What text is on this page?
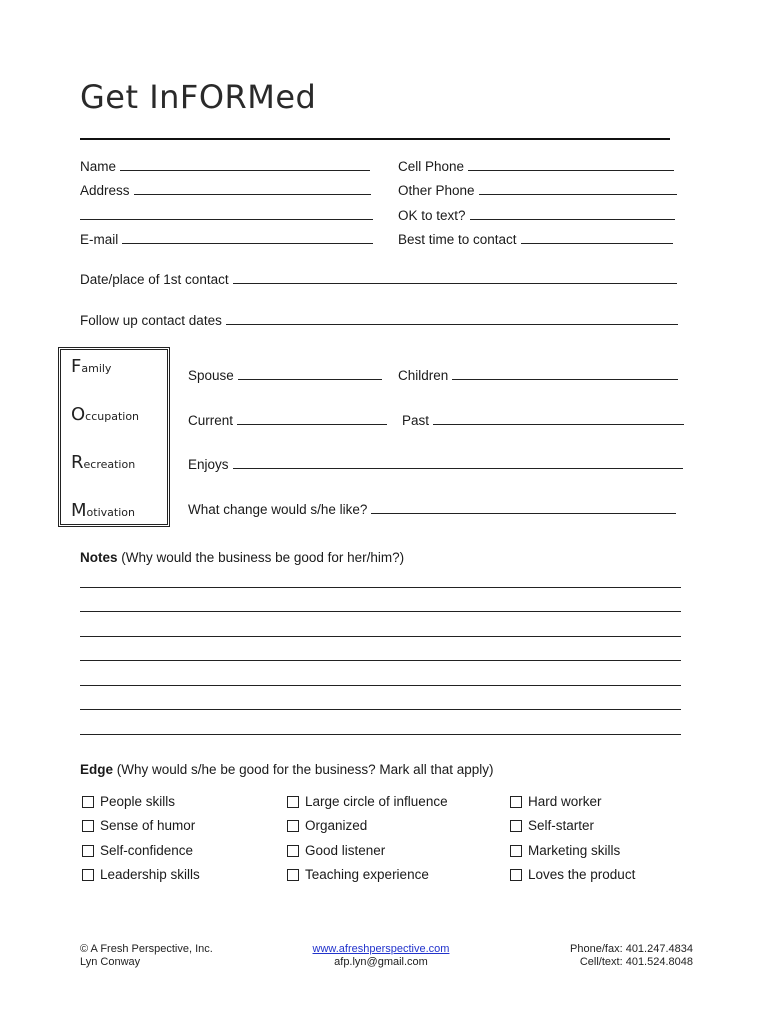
Get InFORMed
Name
Address
E-mail
Cell Phone
Other Phone
OK to text?
Best time to contact
Date/place of 1st contact
Follow up contact dates
Family
Occupation
Recreation
Motivation
Spouse	Children
Current	Past
Enjoys
What change would s/he like?
Notes (Why would the business be good for her/him?)
Edge (Why would s/he be good for the business? Mark all that apply)
People skills
Sense of humor
Self-confidence
Leadership skills
Large circle of influence
Organized
Good listener
Teaching experience
Hard worker
Self-starter
Marketing skills
Loves the product
© A Fresh Perspective, Inc.
Lyn Conway
www.afreshperspective.com
afp.lyn@gmail.com
Phone/fax: 401.247.4834
Cell/text: 401.524.8048
